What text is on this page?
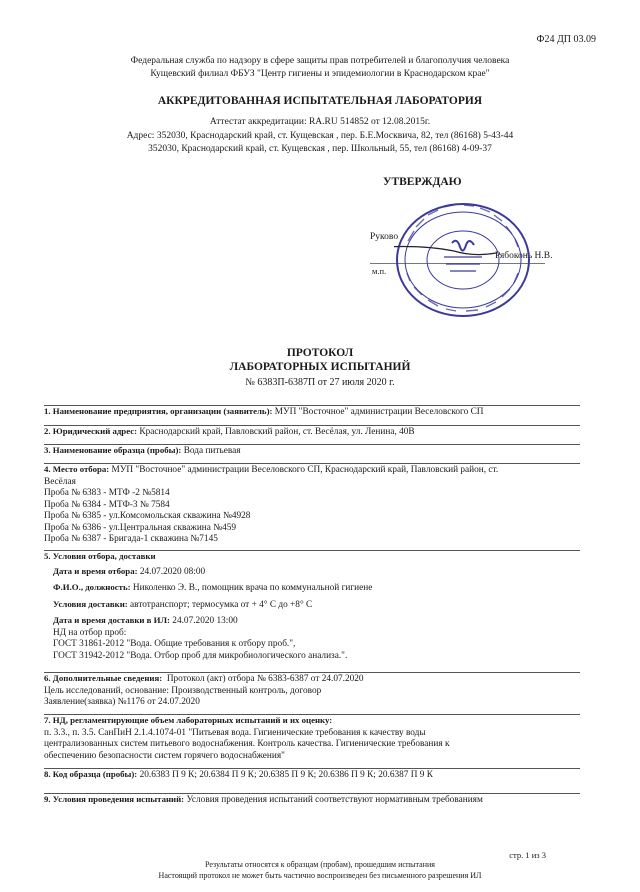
Ф24 ДП 03.09
Федеральная служба по надзору в сфере защиты прав потребителей и благополучия человека
Кущевский филиал ФБУЗ "Центр гигиены и эпидемиологии в Краснодарском крае"
АККРЕДИТОВАННАЯ ИСПЫТАТЕЛЬНАЯ ЛАБОРАТОРИЯ
Аттестат аккредитации: RA.RU 514852 от 12.08.2015г.
Адрес: 352030, Краснодарский край, ст. Кущевская , пер. Б.Е.Москвича, 82, тел (86168) 5-43-44
352030, Краснодарский край, ст. Кущевская , пер. Школьный, 55, тел (86168) 4-09-37
УТВЕРЖДАЮ
Руково
Рябоконь Н.В.
м.п.
ПРОТОКОЛ
ЛАБОРАТОРНЫХ ИСПЫТАНИЙ
№ 6383П-6387П от 27 июля 2020 г.
1. Наименование предприятия, организации (заявитель): МУП "Восточное" администрации Веселовского СП
2. Юридический адрес: Краснодарский край, Павловский район, ст. Весёлая, ул. Ленина, 40В
3. Наименование образца (пробы): Вода питьевая
4. Место отбора: МУП "Восточное" администрации Веселовского СП, Краснодарский край, Павловский район, ст.
Весёлая
Проба № 6383 - МТФ -2 №5814
Проба № 6384 - МТФ-3 № 7584
Проба № 6385 - ул.Комсомольская скважина №4928
Проба № 6386 - ул.Центральная скважина №459
Проба № 6387 - Бригада-1 скважина №7145
5. Условия отбора, доставки
Дата и время отбора: 24.07.2020 08:00
Ф.И.О., должность: Николенко Э. В., помощник врача по коммунальной гигиене
Условия доставки: автотранспорт; термосумка от + 4° С до +8° С
Дата и время доставки в ИЛ: 24.07.2020 13:00
НД на отбор проб:
ГОСТ 31861-2012 "Вода. Общие требования к отбору проб.",
ГОСТ 31942-2012 "Вода. Отбор проб для микробиологического анализа.".
6. Дополнительные сведения: Протокол (акт) отбора № 6383-6387 от 24.07.2020
Цель исследований, основание: Производственный контроль, договор
Заявление(заявка) №1176 от 24.07.2020
7. НД, регламентирующие объем лабораторных испытаний и их оценку:
п. 3.3., п. 3.5. СанПиН 2.1.4.1074-01 "Питьевая вода. Гигиенические требования к качеству воды
централизованных систем питьевого водоснабжения. Контроль качества. Гигиенические требования к
обеспечению безопасности систем горячего водоснабжения"
8. Код образца (пробы): 20.6383 П 9 К; 20.6384 П 9 К; 20.6385 П 9 К; 20.6386 П 9 К; 20.6387 П 9 К
9. Условия проведения испытаний: Условия проведения испытаний соответствуют нормативным требованиям
стр. 1 из 3
Результаты относятся к образцам (пробам), прошедшим испытания
Настоящий протокол не может быть частично воспроизведен без письменного разрешения ИЛ
